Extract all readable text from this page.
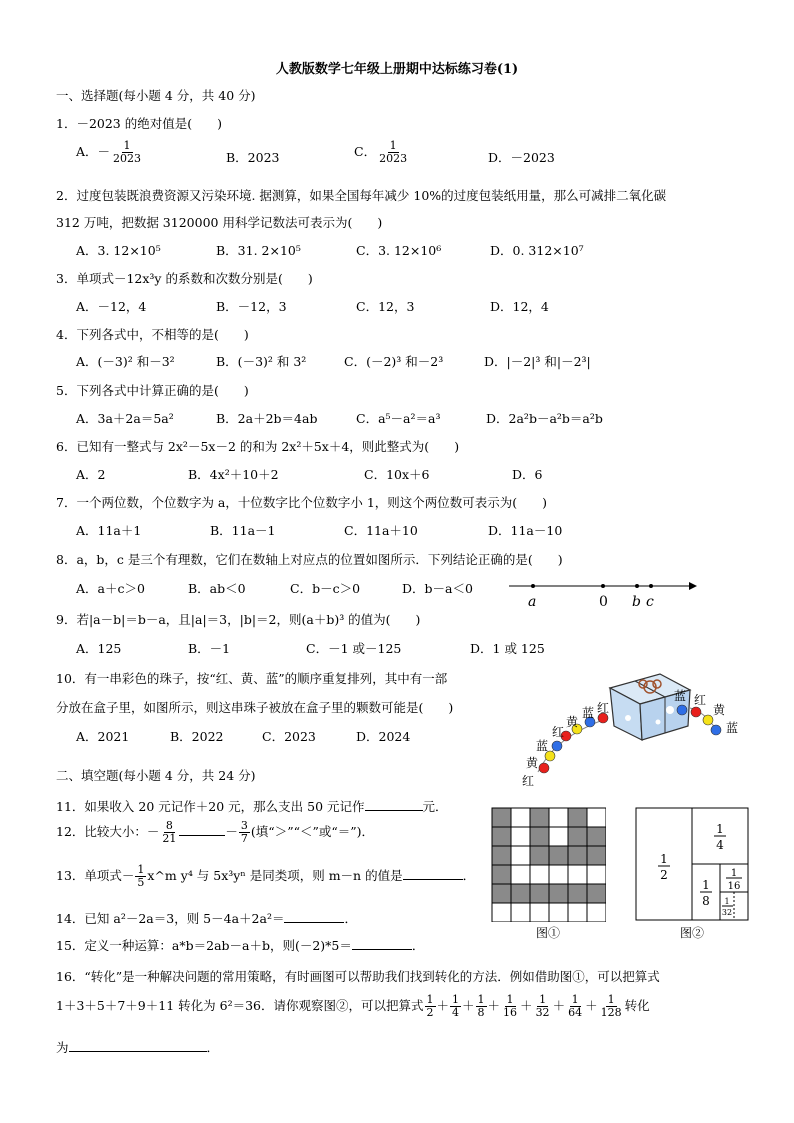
人教版数学七年级上册期中达标练习卷(1)
一、选择题(每小题 4 分，共 40 分)
1．－2023 的绝对值是(　　)
A．－ $\frac{1}{2023}$	B．2023	C． $\frac{1}{2023}$	D．－2023
2．过度包装既浪费资源又污染环境. 据测算，如果全国每年减少 10%的过度包装纸用量，那么可减排二氧化碳
312 万吨，把数据 3120000 用科学记数法可表示为(　　)
A．3. 12×10⁵	B．31. 2×10⁵	C．3. 12×10⁶	D．0. 312×10⁷
3．单项式－12x³y 的系数和次数分别是(　　)
A．－12，4	B．－12，3	C．12，3	D．12，4
4．下列各式中，不相等的是(　　)
A．(－3)² 和－3²	B．(－3)² 和 3²	C．(－2)³ 和－2³	D．|－2|³ 和|－2³|
5．下列各式中计算正确的是(　　)
A．3a＋2a＝5a²	B．2a＋2b＝4ab	C．a⁵－a²＝a³	D．2a²b－a²b＝a²b
6．已知有一整式与 2x²－5x－2 的和为 2x²＋5x＋4，则此整式为(　　)
A．2	B．4x²＋10＋2	C．10x＋6	D．6
7．一个两位数，个位数字为 a，十位数字比个位数字小 1，则这个两位数可表示为(　　)
A．11a＋1	B．11a－1	C．11a＋10	D．11a－10
8．a，b，c 是三个有理数，它们在数轴上对应点的位置如图所示．下列结论正确的是(　　)
A．a＋c＞0	B．ab＜0	C．b－c＞0	D．b－a＜0
a	0 b c
9．若|a－b|＝b－a，且|a|＝3，|b|＝2，则(a＋b)³ 的值为(　　)
A．125	B．－1	C．－1 或－125	D．1 或 125
10．有一串彩色的珠子，按“红、黄、蓝”的顺序重复排列，其中有一部
分放在盒子里，如图所示，则这串珠子被放在盒子里的颗数可能是(　　)
A．2021	B．2022	C．2023	D．2024
红
黄
蓝
红
黄
蓝 红
蓝 红
黄
蓝
二、填空题(每小题 4 分，共 24 分)
11．如果收入 20 元记作＋20 元，那么支出 50 元记作	元．
12．比较大小：－ $\frac{8}{21}$	－ $\frac{3}{7}$ (填“＞”“＜”或“＝”)．
13．单项式－ $\frac{1}{5}$ x^m y⁴ 与 5x³yⁿ 是同类项，则 m－n 的值是	．
14．已知 a²－2a＝3，则 5－4a＋2a²＝	．
15．定义一种运算：a*b＝2ab－a＋b，则(－2)*5＝	．
图①
1
2
1
4
1
8
1
16
1
32
图②
16．“转化”是一种解决问题的常用策略，有时画图可以帮助我们找到转化的方法．例如借助图①，可以把算式
1＋3＋5＋7＋9＋11 转化为 6²＝36．请你观察图②，可以把算式 $\frac{1}{2} + \frac{1}{4} + \frac{1}{8} + \frac{1}{16} + \frac{1}{32} + \frac{1}{64} + \frac{1}{128}$ 转化
为	．
